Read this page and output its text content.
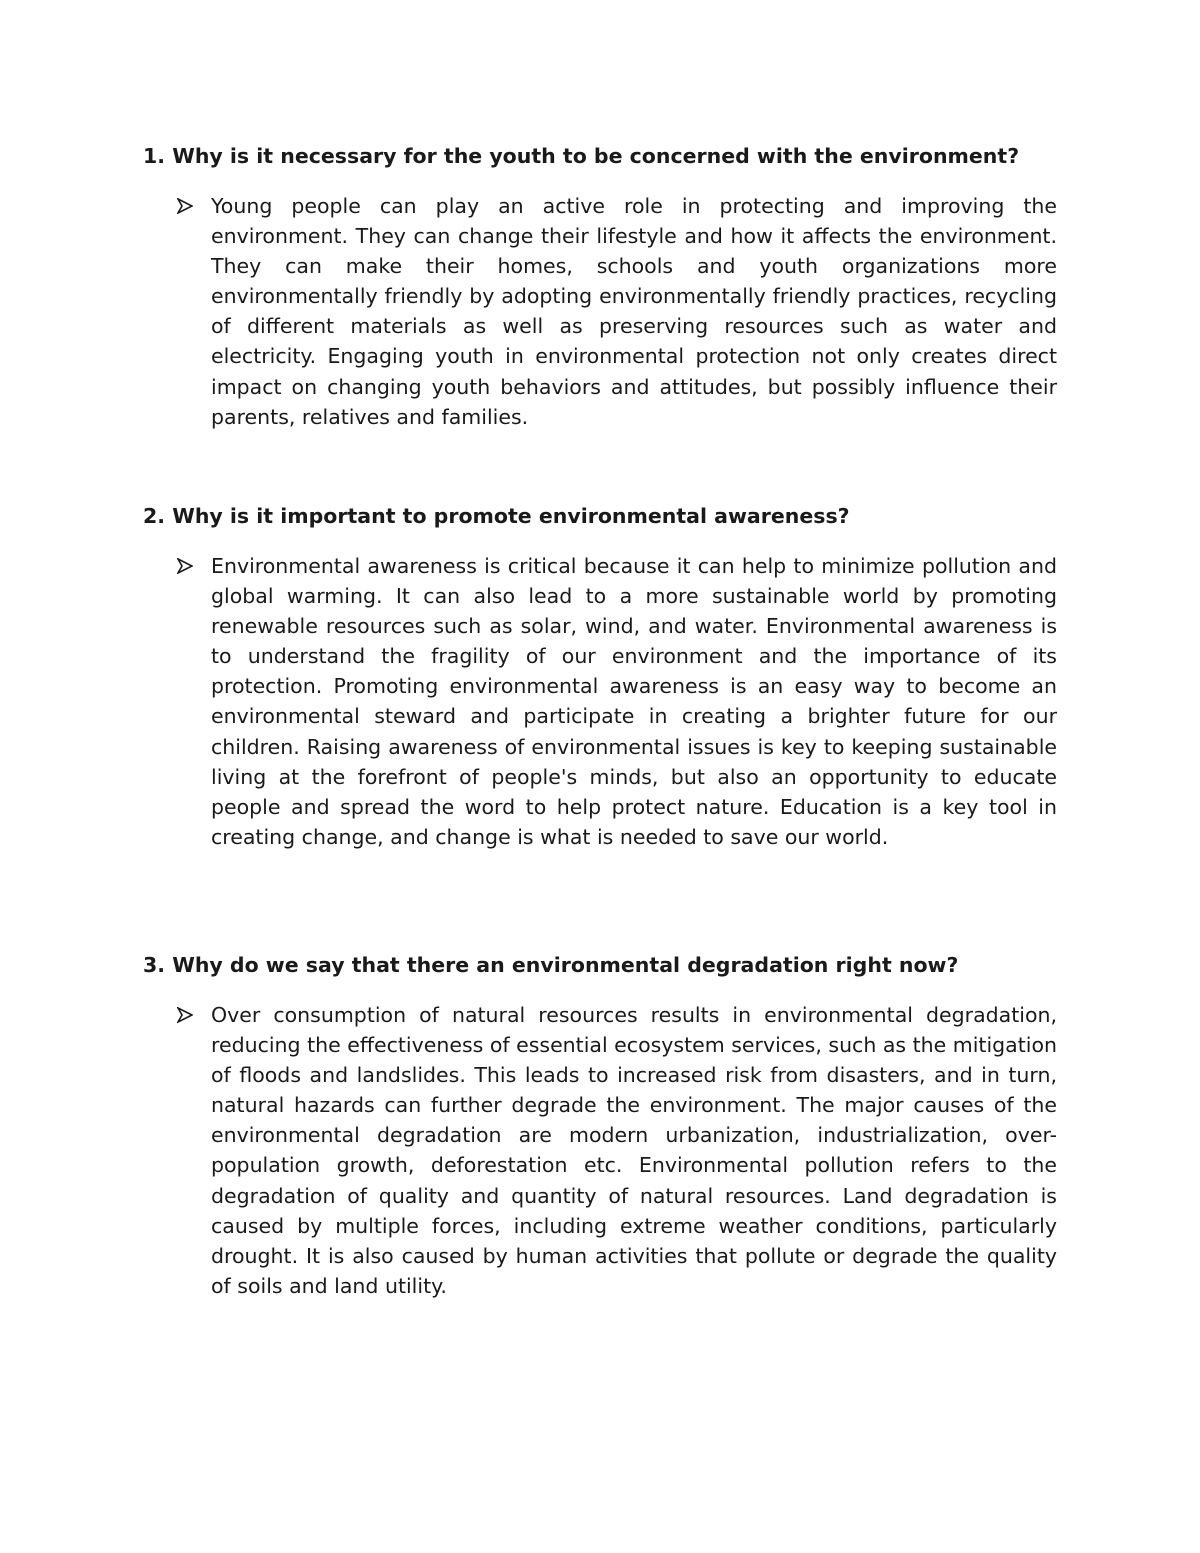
1. Why is it necessary for the youth to be concerned with the environment?

Young people can play an active role in protecting and improving the environment. They can change their lifestyle and how it affects the environment. They can make their homes, schools and youth organizations more environmentally friendly by adopting environmentally friendly practices, recycling of different materials as well as preserving resources such as water and electricity. Engaging youth in environmental protection not only creates direct impact on changing youth behaviors and attitudes, but possibly influence their parents, relatives and families.

2. Why is it important to promote environmental awareness?

Environmental awareness is critical because it can help to minimize pollution and global warming. It can also lead to a more sustainable world by promoting renewable resources such as solar, wind, and water. Environmental awareness is to understand the fragility of our environment and the importance of its protection. Promoting environmental awareness is an easy way to become an environmental steward and participate in creating a brighter future for our children. Raising awareness of environmental issues is key to keeping sustainable living at the forefront of people's minds, but also an opportunity to educate people and spread the word to help protect nature. Education is a key tool in creating change, and change is what is needed to save our world.

3. Why do we say that there an environmental degradation right now?

Over consumption of natural resources results in environmental degradation, reducing the effectiveness of essential ecosystem services, such as the mitigation of floods and landslides. This leads to increased risk from disasters, and in turn, natural hazards can further degrade the environment. The major causes of the environmental degradation are modern urbanization, industrialization, over-population growth, deforestation etc. Environmental pollution refers to the degradation of quality and quantity of natural resources. Land degradation is caused by multiple forces, including extreme weather conditions, particularly drought. It is also caused by human activities that pollute or degrade the quality of soils and land utility.
